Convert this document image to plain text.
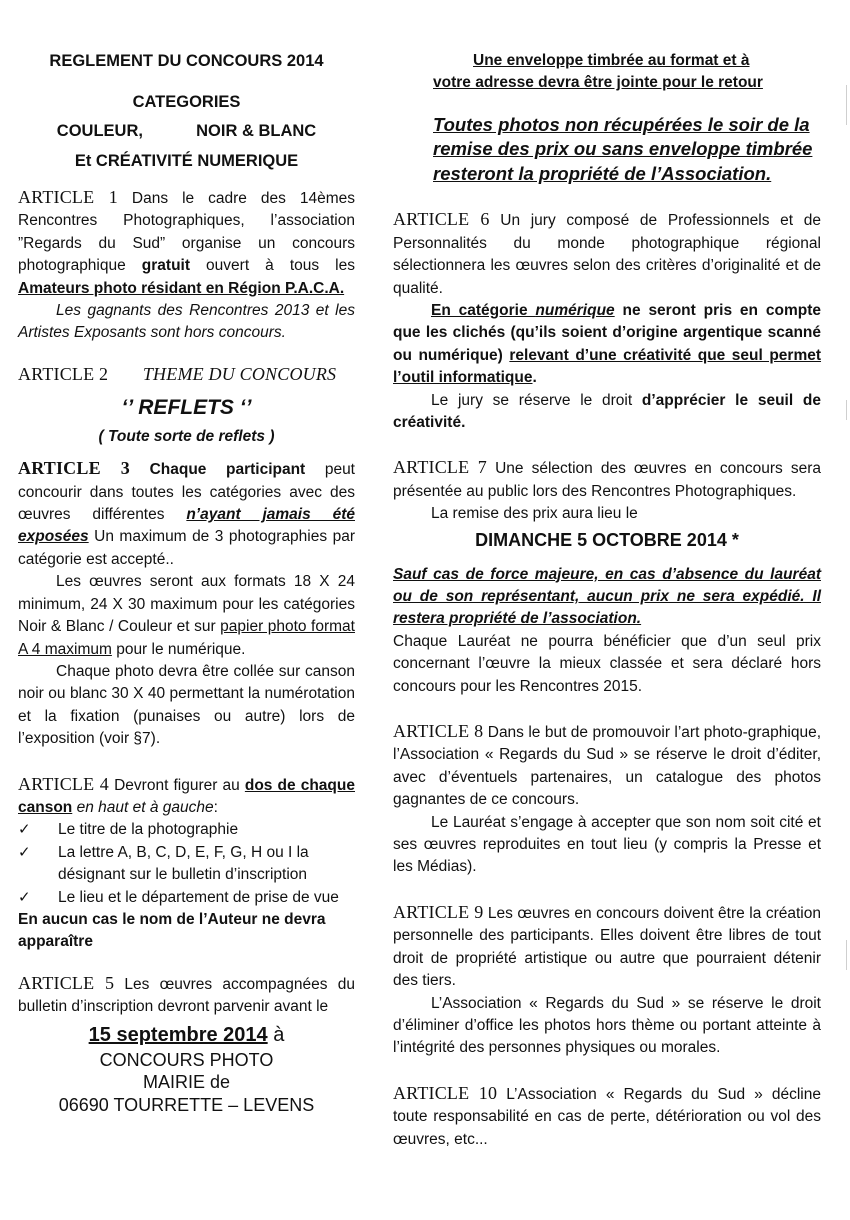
REGLEMENT DU CONCOURS 2014

CATEGORIES

COULEUR,	NOIR & BLANC

Et CRÉATIVITÉ NUMERIQUE

ARTICLE 1 Dans le cadre des 14èmes Rencontres Photographiques, l’association ”Regards du Sud” organise un concours photographique gratuit ouvert à tous les Amateurs photo résidant en Région P.A.C.A.

Les gagnants des Rencontres 2013 et les Artistes Exposants sont hors concours.

ARTICLE 2 THEME DU CONCOURS

‘’ REFLETS ‘’

( Toute sorte de reflets )

ARTICLE 3 Chaque participant peut concourir dans toutes les catégories avec des œuvres différentes n’ayant jamais été exposées Un maximum de 3 photographies par catégorie est accepté..

Les œuvres seront aux formats 18 X 24 minimum, 24 X 30 maximum pour les catégories Noir & Blanc / Couleur et sur papier photo format A 4 maximum pour le numérique.

Chaque photo devra être collée sur canson noir ou blanc 30 X 40 permettant la numérotation et la fixation (punaises ou autre) lors de l’exposition (voir §7).

ARTICLE 4 Devront figurer au dos de chaque canson en haut et à gauche:

✓	Le titre de la photographie
✓	La lettre A, B, C, D, E, F, G, H ou I la désignant sur le bulletin d’inscription
✓	Le lieu et le département de prise de vue

En aucun cas le nom de l’Auteur ne devra apparaître

ARTICLE 5 Les œuvres accompagnées du bulletin d’inscription devront parvenir avant le

15 septembre 2014 à

CONCOURS PHOTO

MAIRIE de

06690 TOURRETTE – LEVENS

Une enveloppe timbrée au format et à votre adresse devra être jointe pour le retour

Toutes photos non récupérées le soir de la remise des prix ou sans enveloppe timbrée resteront la propriété de l’Association.

ARTICLE 6 Un jury composé de Professionnels et de Personnalités du monde photographique régional sélectionnera les œuvres selon des critères d’originalité et de qualité.

En catégorie numérique ne seront pris en compte que les clichés (qu’ils soient d’origine argentique scanné ou numérique) relevant d’une créativité que seul permet l’outil informatique.

Le jury se réserve le droit d’apprécier le seuil de créativité.

ARTICLE 7 Une sélection des œuvres en concours sera présentée au public lors des Rencontres Photographiques.

La remise des prix aura lieu le

DIMANCHE 5 OCTOBRE 2014 *

Sauf cas de force majeure, en cas d’absence du lauréat ou de son représentant, aucun prix ne sera expédié. Il restera propriété de l’association.

Chaque Lauréat ne pourra bénéficier que d’un seul prix concernant l’œuvre la mieux classée et sera déclaré hors concours pour les Rencontres 2015.

ARTICLE 8 Dans le but de promouvoir l’art photo-graphique, l’Association « Regards du Sud » se réserve le droit d’éditer, avec d’éventuels partenaires, un catalogue des photos gagnantes de ce concours.

Le Lauréat s’engage à accepter que son nom soit cité et ses œuvres reproduites en tout lieu (y compris la Presse et les Médias).

ARTICLE 9 Les œuvres en concours doivent être la création personnelle des participants. Elles doivent être libres de tout droit de propriété artistique ou autre que pourraient détenir des tiers.

L’Association « Regards du Sud » se réserve le droit d’éliminer d’office les photos hors thème ou portant atteinte à l’intégrité des personnes physiques ou morales.

ARTICLE 10 L’Association « Regards du Sud » décline toute responsabilité en cas de perte, détérioration ou vol des œuvres, etc...
